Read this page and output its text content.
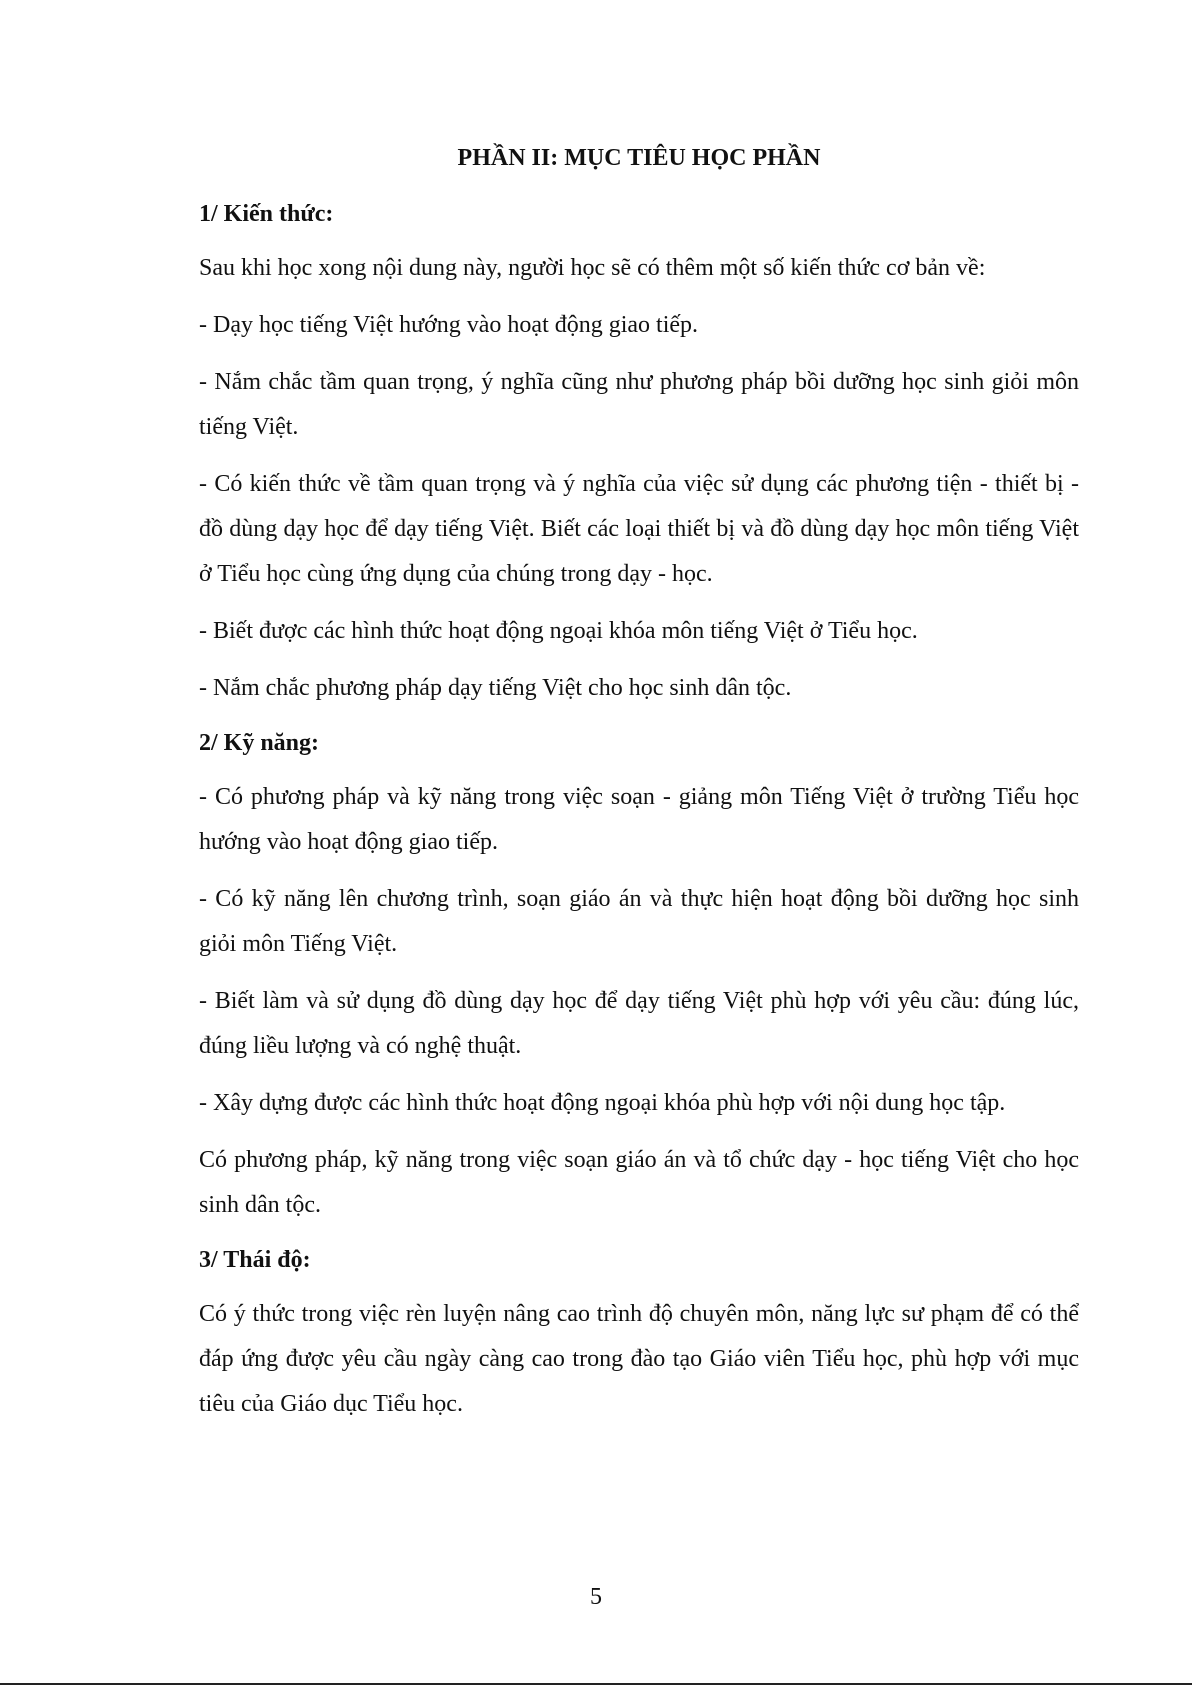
PHẦN II: MỤC TIÊU HỌC PHẦN
1/ Kiến thức:
Sau khi học xong nội dung này, người học sẽ có thêm một số kiến thức cơ bản về:
- Dạy học tiếng Việt hướng vào hoạt động giao tiếp.
- Nắm chắc tầm quan trọng, ý nghĩa cũng như phương pháp bồi dưỡng học sinh giỏi môn tiếng Việt.
- Có kiến thức về tầm quan trọng và ý nghĩa của việc sử dụng các phương tiện - thiết bị - đồ dùng dạy học để dạy tiếng Việt. Biết các loại thiết bị và đồ dùng dạy học môn tiếng Việt ở Tiểu học cùng ứng dụng của chúng trong dạy - học.
- Biết được các hình thức hoạt động ngoại khóa môn tiếng Việt ở Tiểu học.
- Nắm chắc phương pháp dạy tiếng Việt cho học sinh dân tộc.
2/ Kỹ năng:
- Có phương pháp và kỹ năng trong việc soạn - giảng môn Tiếng Việt ở trường Tiểu học hướng vào hoạt động giao tiếp.
- Có kỹ năng lên chương trình, soạn giáo án và thực hiện hoạt động bồi dưỡng học sinh giỏi môn Tiếng Việt.
- Biết làm và sử dụng đồ dùng dạy học để dạy tiếng Việt phù hợp với yêu cầu: đúng lúc, đúng liều lượng và có nghệ thuật.
- Xây dựng được các hình thức hoạt động ngoại khóa phù hợp với nội dung học tập.
Có phương pháp, kỹ năng trong việc soạn giáo án và tổ chức dạy - học tiếng Việt cho học sinh dân tộc.
3/ Thái độ:
Có ý thức trong việc rèn luyện nâng cao trình độ chuyên môn, năng lực sư phạm để có thể đáp ứng được yêu cầu ngày càng cao trong đào tạo Giáo viên Tiểu học, phù hợp với mục tiêu của Giáo dục Tiểu học.
5
